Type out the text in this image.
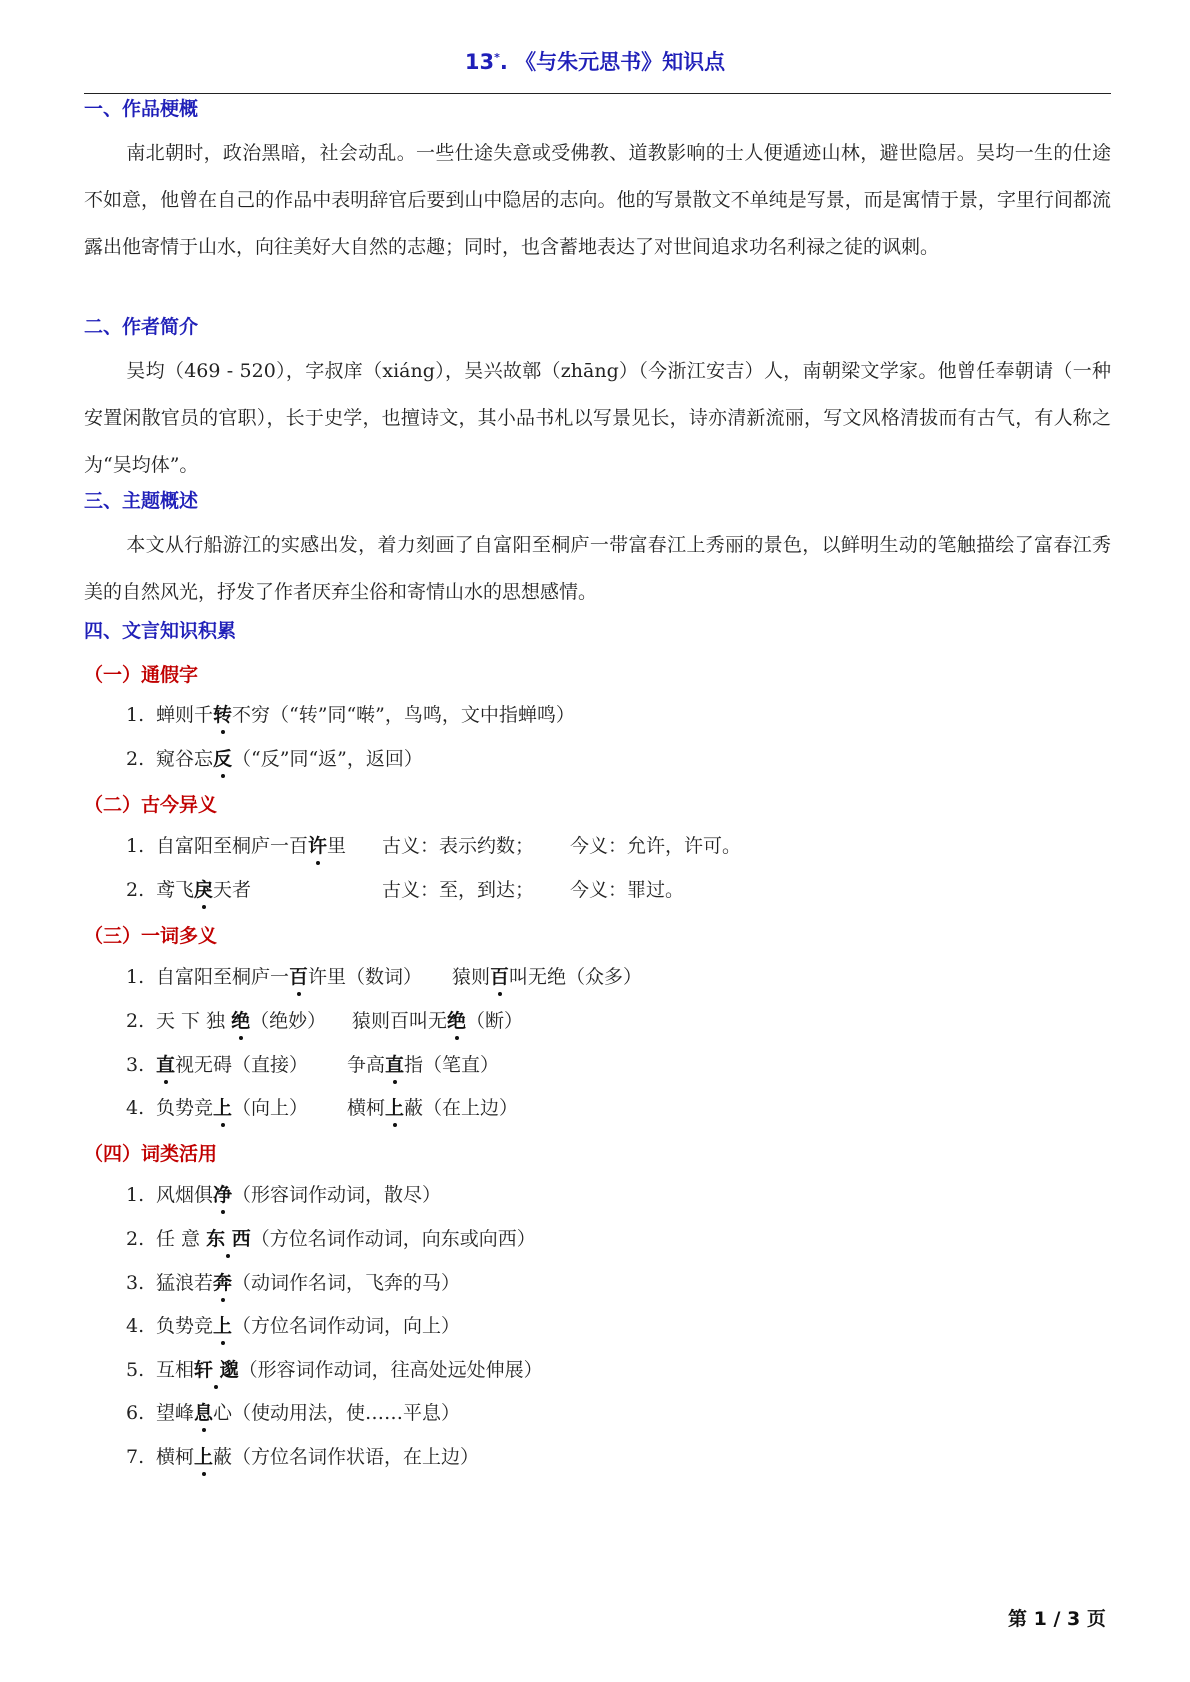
13*. 《与朱元思书》知识点
一、作品梗概
南北朝时，政治黑暗，社会动乱。一些仕途失意或受佛教、道教影响的士人便遁迹山林，避世隐居。吴均一生的仕途不如意，他曾在自己的作品中表明辞官后要到山中隐居的志向。他的写景散文不单纯是写景，而是寓情于景，字里行间都流露出他寄情于山水，向往美好大自然的志趣；同时，也含蓄地表达了对世间追求功名利禄之徒的讽刺。
二、作者简介
吴均（469 - 520），字叔庠（xiáng），吴兴故鄣（zhāng）（今浙江安吉）人，南朝梁文学家。他曾任奉朝请（一种安置闲散官员的官职），长于史学，也擅诗文，其小品书札以写景见长，诗亦清新流丽，写文风格清拔而有古气，有人称之为“吴均体”。
三、主题概述
本文从行船游江的实感出发，着力刻画了自富阳至桐庐一带富春江上秀丽的景色，以鲜明生动的笔触描绘了富春江秀美的自然风光，抒发了作者厌弃尘俗和寄情山水的思想感情。
四、文言知识积累
（一）通假字
1. 蝉则千转不穷（“转”同“啭”，鸟鸣，文中指蝉鸣）
2. 窥谷忘反（“反”同“返”，返回）
（二）古今异义
1. 自富阳至桐庐一百许里 古义：表示约数； 今义：允许，许可。
2. 鸢飞戾天者	古义：至，到达； 今义：罪过。
（三）一词多义
1. 自富阳至桐庐一百许里（数词） 猿则百叫无绝（众多）
2. 天 下 独 绝（绝妙） 猿则百叫无绝（断）
3. 直视无碍（直接） 争高直指（笔直）
4. 负势竞上（向上） 横柯上蔽（在上边）
（四）词类活用
1. 风烟俱净（形容词作动词，散尽）
2. 任 意 东 西（方位名词作动词，向东或向西）
3. 猛浪若奔（动词作名词，飞奔的马）
4. 负势竞上（方位名词作动词，向上）
5. 互相轩 邈（形容词作动词，往高处远处伸展）
6. 望峰息心（使动用法，使……平息）
7. 横柯上蔽（方位名词作状语，在上边）
第 1 / 3 页
